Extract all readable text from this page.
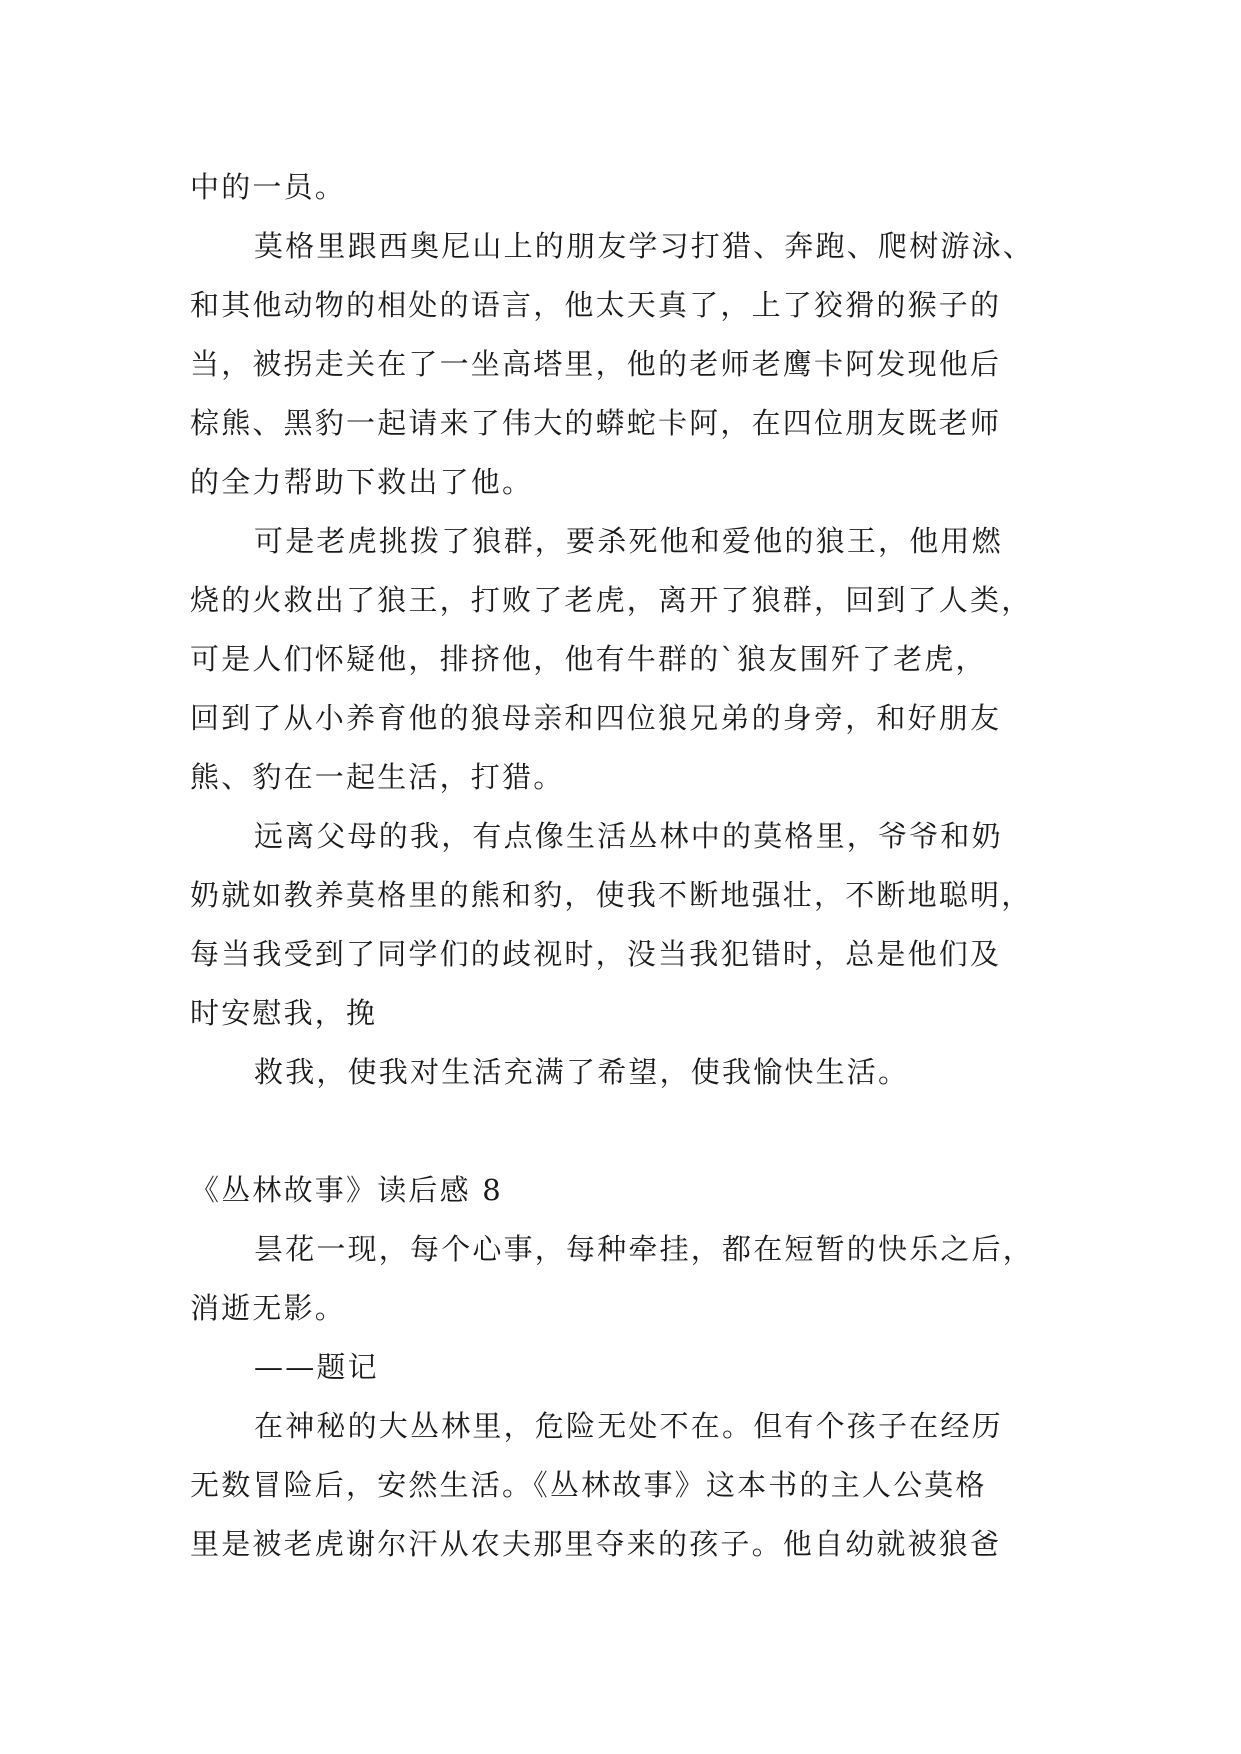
中的一员。

莫格里跟西奥尼山上的朋友学习打猎、奔跑、爬树游泳、
和其他动物的相处的语言，他太天真了，上了狡猾的猴子的
当，被拐走关在了一坐高塔里，他的老师老鹰卡阿发现他后
棕熊、黑豹一起请来了伟大的蟒蛇卡阿，在四位朋友既老师
的全力帮助下救出了他。

可是老虎挑拨了狼群，要杀死他和爱他的狼王，他用燃
烧的火救出了狼王，打败了老虎，离开了狼群，回到了人类，
可是人们怀疑他，排挤他，他有牛群的`狼友围歼了老虎，
回到了从小养育他的狼母亲和四位狼兄弟的身旁，和好朋友
熊、豹在一起生活，打猎。

远离父母的我，有点像生活丛林中的莫格里，爷爷和奶
奶就如教养莫格里的熊和豹，使我不断地强壮，不断地聪明，
每当我受到了同学们的歧视时，没当我犯错时，总是他们及
时安慰我，挽

救我，使我对生活充满了希望，使我愉快生活。

《丛林故事》读后感 8

昙花一现，每个心事，每种牵挂，都在短暂的快乐之后，
消逝无影。

——题记

在神秘的大丛林里，危险无处不在。但有个孩子在经历
无数冒险后，安然生活。《丛林故事》这本书的主人公莫格
里是被老虎谢尔汗从农夫那里夺来的孩子。他自幼就被狼爸
